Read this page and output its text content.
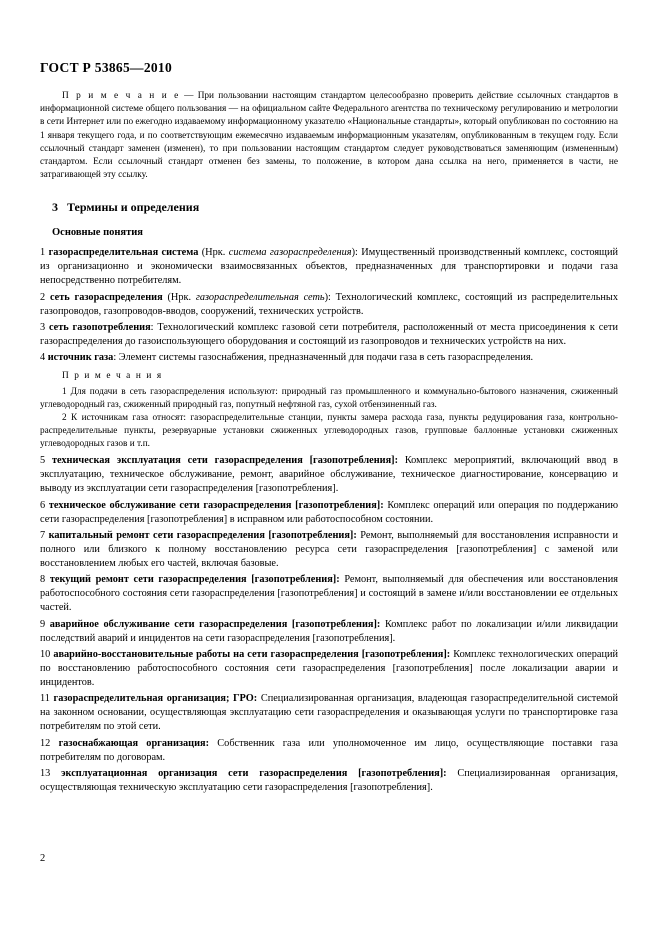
ГОСТ Р 53865—2010
П р и м е ч а н и е — При пользовании настоящим стандартом целесообразно проверить действие ссылочных стандартов в информационной системе общего пользования — на официальном сайте Федерального агентства по техническому регулированию и метрологии в сети Интернет или по ежегодно издаваемому информационному указателю «Национальные стандарты», который опубликован по состоянию на 1 января текущего года, и по соответствующим ежемесячно издаваемым информационным указателям, опубликованным в текущем году. Если ссылочный стандарт заменен (изменен), то при пользовании настоящим стандартом следует руководствоваться заменяющим (измененным) стандартом. Если ссылочный стандарт отменен без замены, то положение, в котором дана ссылка на него, применяется в части, не затрагивающей эту ссылку.
3 Термины и определения
Основные понятия
1 газораспределительная система (Нрк. система газораспределения): Имущественный производственный комплекс, состоящий из организационно и экономически взаимосвязанных объектов, предназначенных для транспортировки и подачи газа непосредственно потребителям.
2 сеть газораспределения (Нрк. газораспределительная сеть): Технологический комплекс, состоящий из распределительных газопроводов, газопроводов-вводов, сооружений, технических устройств.
3 сеть газопотребления: Технологический комплекс газовой сети потребителя, расположенный от места присоединения к сети газораспределения до газоиспользующего оборудования и состоящий из газопроводов и технических устройств на них.
4 источник газа: Элемент системы газоснабжения, предназначенный для подачи газа в сеть газораспределения.
П р и м е ч а н и я
1 Для подачи в сеть газораспределения используют: природный газ промышленного и коммунально-бытового назначения, сжиженный углеводородный газ, сжиженный природный газ, попутный нефтяной газ, сухой отбензиненный газ.
2 К источникам газа относят: газораспределительные станции, пункты замера расхода газа, пункты редуцирования газа, контрольно-распределительные пункты, резервуарные установки сжиженных углеводородных газов, групповые баллонные установки сжиженных углеводородных газов и т.п.
5 техническая эксплуатация сети газораспределения [газопотребления]: Комплекс мероприятий, включающий ввод в эксплуатацию, техническое обслуживание, ремонт, аварийное обслуживание, техническое диагностирование, консервацию и выводу из эксплуатации сети газораспределения [газопотребления].
6 техническое обслуживание сети газораспределения [газопотребления]: Комплекс операций или операция по поддержанию сети газораспределения [газопотребления] в исправном или работоспособном состоянии.
7 капитальный ремонт сети газораспределения [газопотребления]: Ремонт, выполняемый для восстановления исправности и полного или близкого к полному восстановлению ресурса сети газораспределения [газопотребления] с заменой или восстановлением любых его частей, включая базовые.
8 текущий ремонт сети газораспределения [газопотребления]: Ремонт, выполняемый для обеспечения или восстановления работоспособного состояния сети газораспределения [газопотребления] и состоящий в замене и/или восстановлении ее отдельных частей.
9 аварийное обслуживание сети газораспределения [газопотребления]: Комплекс работ по локализации и/или ликвидации последствий аварий и инцидентов на сети газораспределения [газопотребления].
10 аварийно-восстановительные работы на сети газораспределения [газопотребления]: Комплекс технологических операций по восстановлению работоспособного состояния сети газораспределения [газопотребления] после локализации аварии и инцидентов.
11 газораспределительная организация; ГРО: Специализированная организация, владеющая газораспределительной системой на законном основании, осуществляющая эксплуатацию сети газораспределения и оказывающая услуги по транспортировке газа потребителям по этой сети.
12 газоснабжающая организация: Собственник газа или уполномоченное им лицо, осуществляющие поставки газа потребителям по договорам.
13 эксплуатационная организация сети газораспределения [газопотребления]: Специализированная организация, осуществляющая техническую эксплуатацию сети газораспределения [газопотребления].
2
